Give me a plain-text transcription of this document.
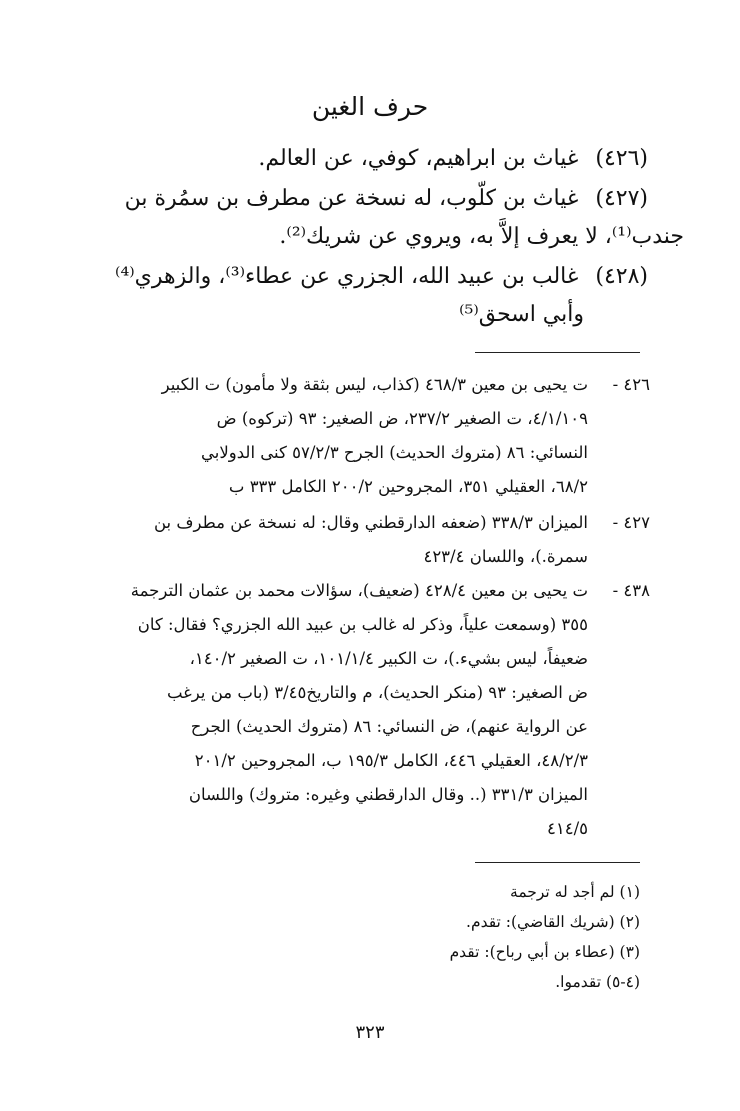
حرف الغين
(٤٢٦) غياث بن ابراهيم، كوفي، عن العالم.
(٤٢٧) غياث بن كلّوب، له نسخة عن مطرف بن سمُرة بن
جندب⁽¹⁾، لا يعرف إلاَّ به، ويروي عن شريك⁽²⁾.
(٤٢٨) غالب بن عبيد الله، الجزري عن عطاء⁽³⁾، والزهري⁽⁴⁾
وأبي اسحق⁽⁵⁾
٤٢٦ -
ت يحيى بن معين ٤٦٨/٣ (كذاب، ليس بثقة ولا مأمون) ت الكبير
٤/١/١٠٩، ت الصغير ٢٣٧/٢، ض الصغير: ٩٣ (تركوه) ض
النسائي: ٨٦ (متروك الحديث) الجرح ٥٧/٢/٣ كنى الدولابي
٦٨/٢، العقيلي ٣٥١، المجروحين ٢٠٠/٢ الكامل ٣٣٣ ب
٤٢٧ -
الميزان ٣٣٨/٣ (ضعفه الدارقطني وقال: له نسخة عن مطرف بن
سمرة.)، واللسان ٤٢٣/٤
٤٣٨ -
ت يحيى بن معين ٤٢٨/٤ (ضعيف)، سؤالات محمد بن عثمان الترجمة
٣٥٥ (وسمعت علياً، وذكر له غالب بن عبيد الله الجزري؟ فقال: كان
ضعيفاً، ليس بشيء.)، ت الكبير ١٠١/١/٤، ت الصغير ١٤٠/٢،
ض الصغير: ٩٣ (منكر الحديث)، م والتاريخ٣/٤٥ (باب من يرغب
عن الرواية عنهم)، ض النسائي: ٨٦ (متروك الحديث) الجرح
٤٨/٢/٣، العقيلي ٤٤٦، الكامل ١٩٥/٣ ب، المجروحين ٢٠١/٢
الميزان ٣٣١/٣ (.. وقال الدارقطني وغيره: متروك) واللسان
٤١٤/٥
(١) لم أجد له ترجمة
(٢) (شريك القاضي): تقدم.
(٣) (عطاء بن أبي رباح): تقدم
(٤-٥) تقدموا.
٣٢٣
